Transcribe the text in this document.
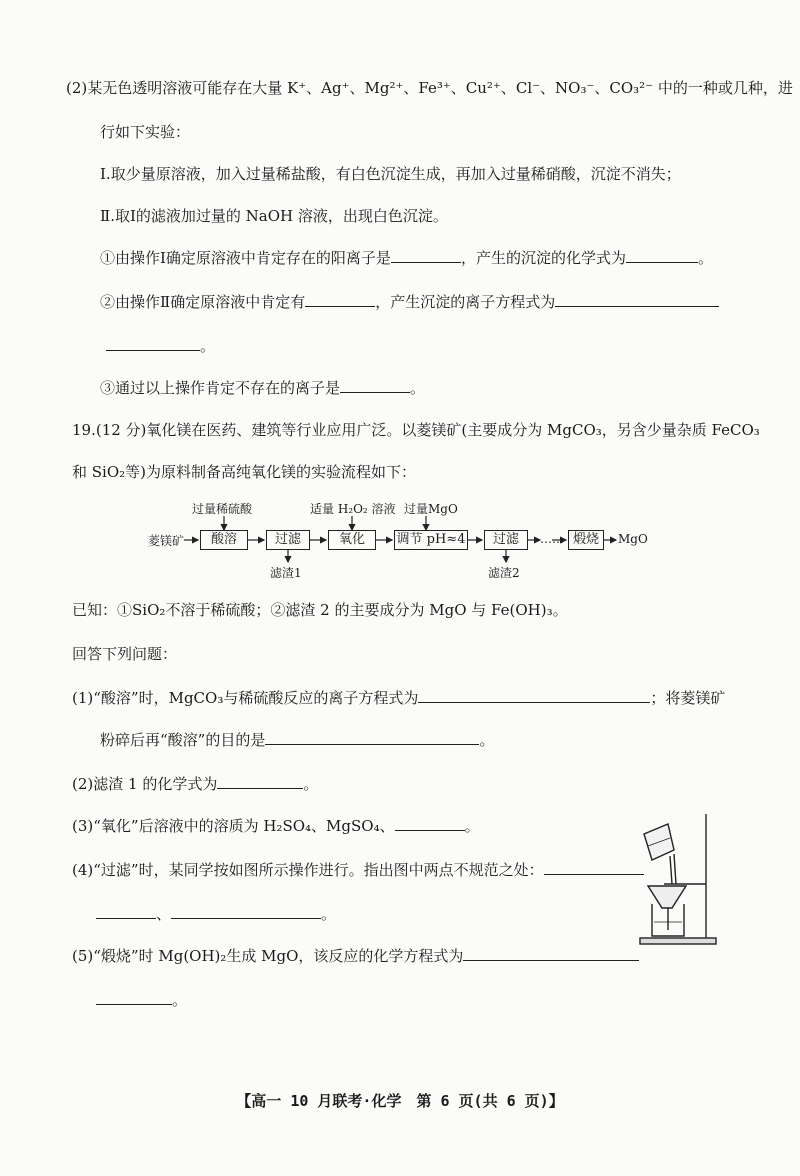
(2)某无色透明溶液可能存在大量 K⁺、Ag⁺、Mg²⁺、Fe³⁺、Cu²⁺、Cl⁻、NO₃⁻、CO₃²⁻ 中的一种或几种，进
行如下实验：
Ⅰ.取少量原溶液，加入过量稀盐酸，有白色沉淀生成，再加入过量稀硝酸，沉淀不消失；
Ⅱ.取Ⅰ的滤液加过量的 NaOH 溶液，出现白色沉淀。
①由操作Ⅰ确定原溶液中肯定存在的阳离子是	，产生的沉淀的化学式为	。
②由操作Ⅱ确定原溶液中肯定有	，产生沉淀的离子方程式为
。
③通过以上操作肯定不存在的离子是	。
19.(12 分)氧化镁在医药、建筑等行业应用广泛。以菱镁矿(主要成分为 MgCO₃，另含少量杂质 FeCO₃
和 SiO₂等)为原料制备高纯氧化镁的实验流程如下：
菱镁矿	酸溶	过滤	氧化	调节 pH≈4	过滤	…… 煅烧	MgO
过量稀硫酸	适量 H₂O₂ 溶液 过量MgO
滤渣1	滤渣2
已知：①SiO₂不溶于稀硫酸；②滤渣 2 的主要成分为 MgO 与 Fe(OH)₃。
回答下列问题：
(1)“酸溶”时，MgCO₃与稀硫酸反应的离子方程式为	；将菱镁矿
粉碎后再“酸溶”的目的是	。
(2)滤渣 1 的化学式为	。
(3)“氧化”后溶液中的溶质为 H₂SO₄、MgSO₄、	。
(4)“过滤”时，某同学按如图所示操作进行。指出图中两点不规范之处：
、	。
(5)“煅烧”时 Mg(OH)₂生成 MgO，该反应的化学方程式为
。
【高一 10 月联考·化学　第 6 页(共 6 页)】
